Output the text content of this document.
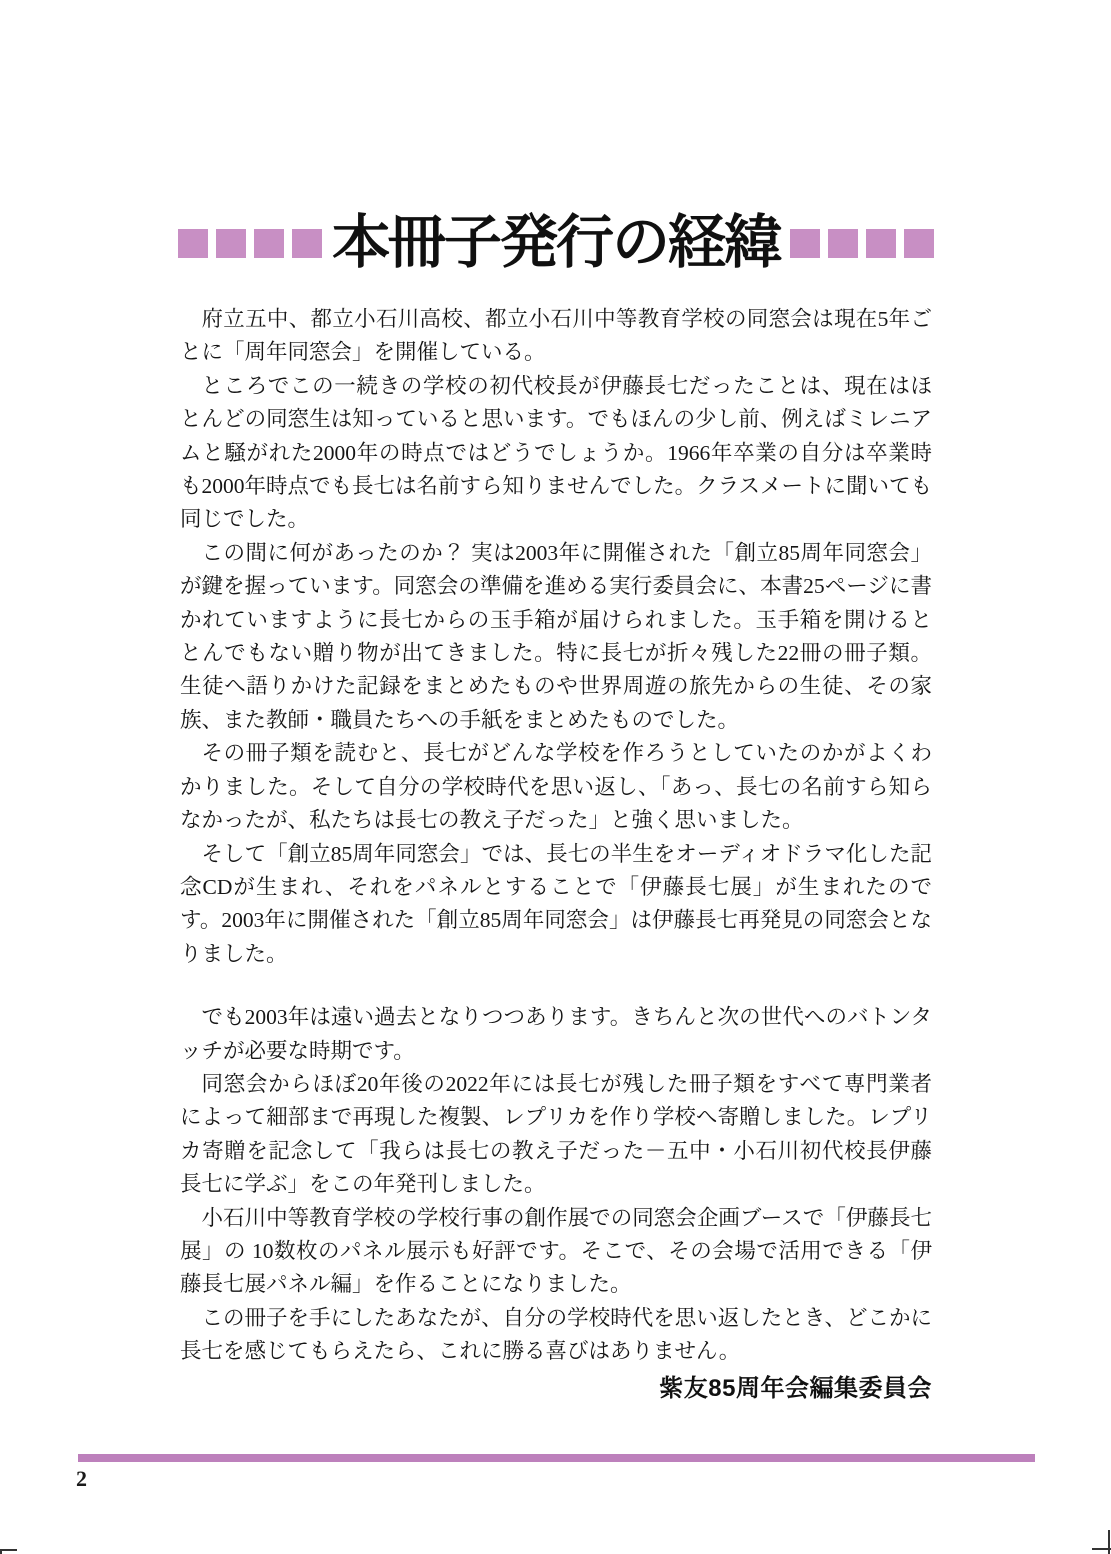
本冊子発行の経緯

府立五中、都立小石川高校、都立小石川中等教育学校の同窓会は現在5年ごとに「周年同窓会」を開催している。

ところでこの一続きの学校の初代校長が伊藤長七だったことは、現在はほとんどの同窓生は知っていると思います。でもほんの少し前、例えばミレニアムと騒がれた2000年の時点ではどうでしょうか。1966年卒業の自分は卒業時も2000年時点でも長七は名前すら知りませんでした。クラスメートに聞いても同じでした。

この間に何があったのか？ 実は2003年に開催された「創立85周年同窓会」が鍵を握っています。同窓会の準備を進める実行委員会に、本書25ページに書かれていますように長七からの玉手箱が届けられました。玉手箱を開けるととんでもない贈り物が出てきました。特に長七が折々残した22冊の冊子類。生徒へ語りかけた記録をまとめたものや世界周遊の旅先からの生徒、その家族、また教師・職員たちへの手紙をまとめたものでした。

その冊子類を読むと、長七がどんな学校を作ろうとしていたのかがよくわかりました。そして自分の学校時代を思い返し、「あっ、長七の名前すら知らなかったが、私たちは長七の教え子だった」と強く思いました。

そして「創立85周年同窓会」では、長七の半生をオーディオドラマ化した記念CDが生まれ、それをパネルとすることで「伊藤長七展」が生まれたのです。2003年に開催された「創立85周年同窓会」は伊藤長七再発見の同窓会となりました。

でも2003年は遠い過去となりつつあります。きちんと次の世代へのバトンタッチが必要な時期です。

同窓会からほぼ20年後の2022年には長七が残した冊子類をすべて専門業者によって細部まで再現した複製、レプリカを作り学校へ寄贈しました。レプリカ寄贈を記念して「我らは長七の教え子だった－五中・小石川初代校長伊藤長七に学ぶ」をこの年発刊しました。

小石川中等教育学校の学校行事の創作展での同窓会企画ブースで「伊藤長七展」の 10数枚のパネル展示も好評です。そこで、その会場で活用できる「伊藤長七展パネル編」を作ることになりました。

この冊子を手にしたあなたが、自分の学校時代を思い返したとき、どこかに長七を感じてもらえたら、これに勝る喜びはありません。

紫友85周年会編集委員会
2
